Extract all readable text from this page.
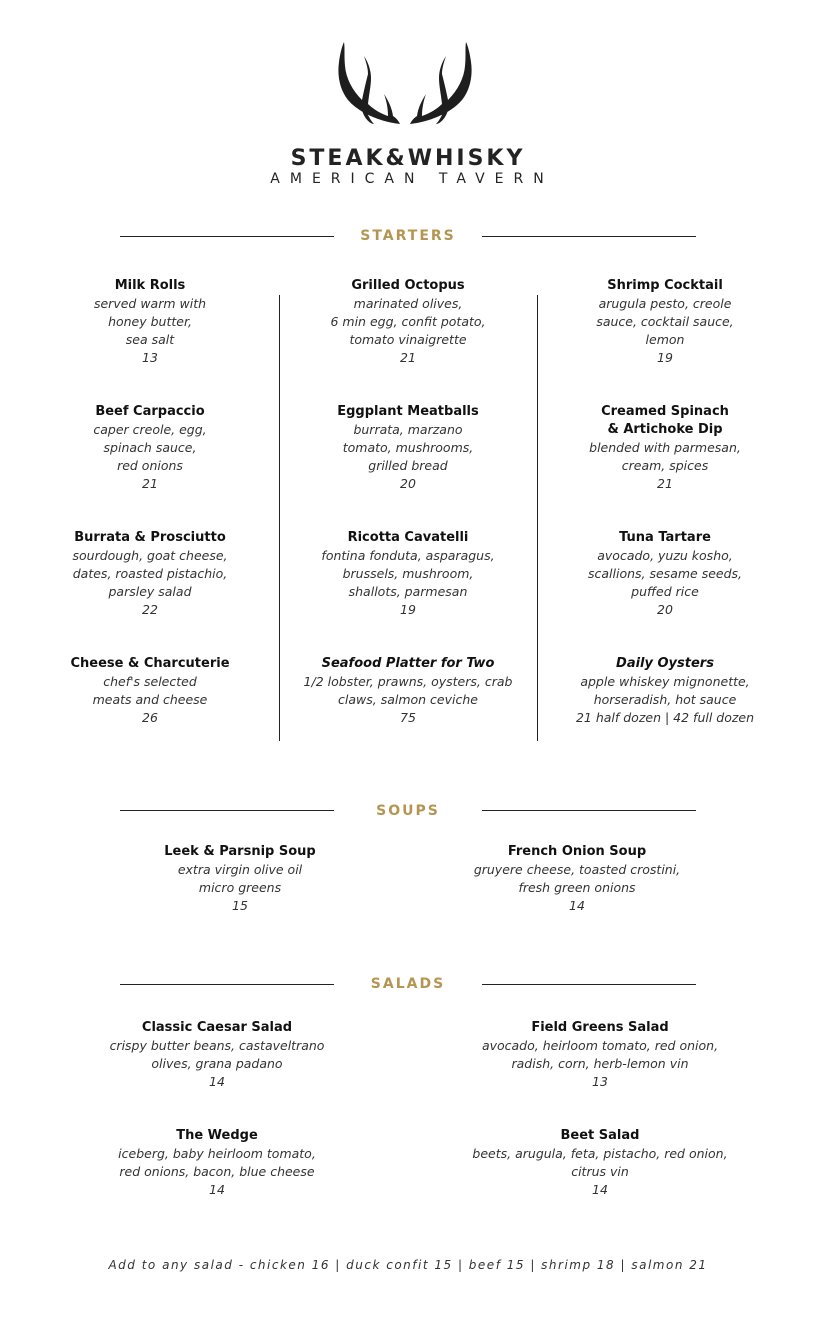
STEAK&WHISKY
AMERICAN TAVERN
STARTERS
Milk Rolls
served warm with
honey butter,
sea salt
13
Grilled Octopus
marinated olives,
6 min egg, confit potato,
tomato vinaigrette
21
Shrimp Cocktail
arugula pesto, creole
sauce, cocktail sauce,
lemon
19
Beef Carpaccio
caper creole, egg,
spinach sauce,
red onions
21
Eggplant Meatballs
burrata, marzano
tomato, mushrooms,
grilled bread
20
Creamed Spinach
& Artichoke Dip
blended with parmesan,
cream, spices
21
Burrata & Prosciutto
sourdough, goat cheese,
dates, roasted pistachio,
parsley salad
22
Ricotta Cavatelli
fontina fonduta, asparagus,
brussels, mushroom,
shallots, parmesan
19
Tuna Tartare
avocado, yuzu kosho,
scallions, sesame seeds,
puffed rice
20
Cheese & Charcuterie
chef's selected
meats and cheese
26
Seafood Platter for Two
1/2 lobster, prawns, oysters, crab
claws, salmon ceviche
75
Daily Oysters
apple whiskey mignonette,
horseradish, hot sauce
21 half dozen | 42 full dozen
SOUPS
Leek & Parsnip Soup
extra virgin olive oil
micro greens
15
French Onion Soup
gruyere cheese, toasted crostini,
fresh green onions
14
SALADS
Classic Caesar Salad
crispy butter beans, castaveltrano
olives, grana padano
14
Field Greens Salad
avocado, heirloom tomato, red onion,
radish, corn, herb-lemon vin
13
The Wedge
iceberg, baby heirloom tomato,
red onions, bacon, blue cheese
14
Beet Salad
beets, arugula, feta, pistacho, red onion,
citrus vin
14
Add to any salad - chicken 16 | duck confit 15 | beef 15 | shrimp 18 | salmon 21
